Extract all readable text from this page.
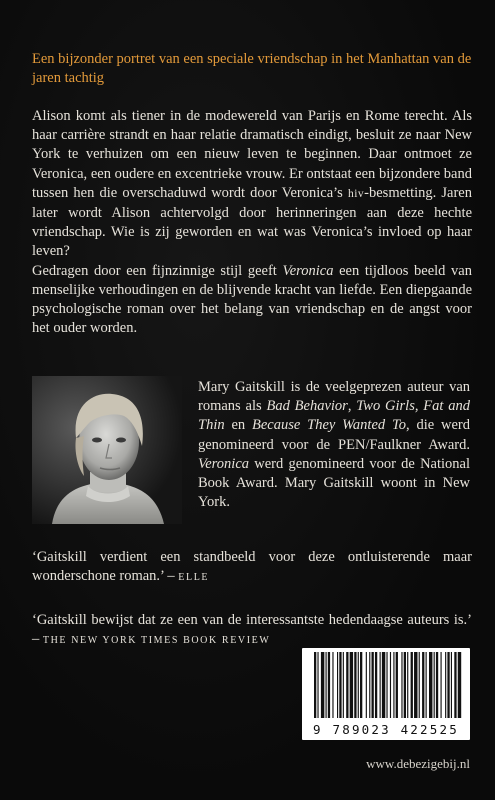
Een bijzonder portret van een speciale vriendschap in het Manhattan van de jaren tachtig

Alison komt als tiener in de modewereld van Parijs en Rome terecht. Als haar carrière strandt en haar relatie dramatisch eindigt, besluit ze naar New York te verhuizen om een nieuw leven te beginnen. Daar ontmoet ze Veronica, een oudere en excentrieke vrouw. Er ontstaat een bijzondere band tussen hen die overschaduwd wordt door Veronica’s hiv-besmetting. Jaren later wordt Alison achtervolgd door herinneringen aan deze hechte vriendschap. Wie is zij geworden en wat was Veronica’s invloed op haar leven?

Gedragen door een fijnzinnige stijl geeft Veronica een tijdloos beeld van menselijke verhoudingen en de blijvende kracht van liefde. Een diepgaande psychologische roman over het belang van vriendschap en de angst voor het ouder worden.

Mary Gaitskill is de veelgeprezen auteur van romans als Bad Behavior, Two Girls, Fat and Thin en Because They Wanted To, die werd genomineerd voor de PEN/Faulkner Award. Veronica werd genomineerd voor de National Book Award. Mary Gaitskill woont in New York.

‘Gaitskill verdient een standbeeld voor deze ontluisterende maar wonderschone roman.’ – ELLE
‘Gaitskill bewijst dat ze een van de interessantste hedendaagse auteurs is.’ – THE NEW YORK TIMES BOOK REVIEW
9 789023 422525
www.debezigebij.nl
